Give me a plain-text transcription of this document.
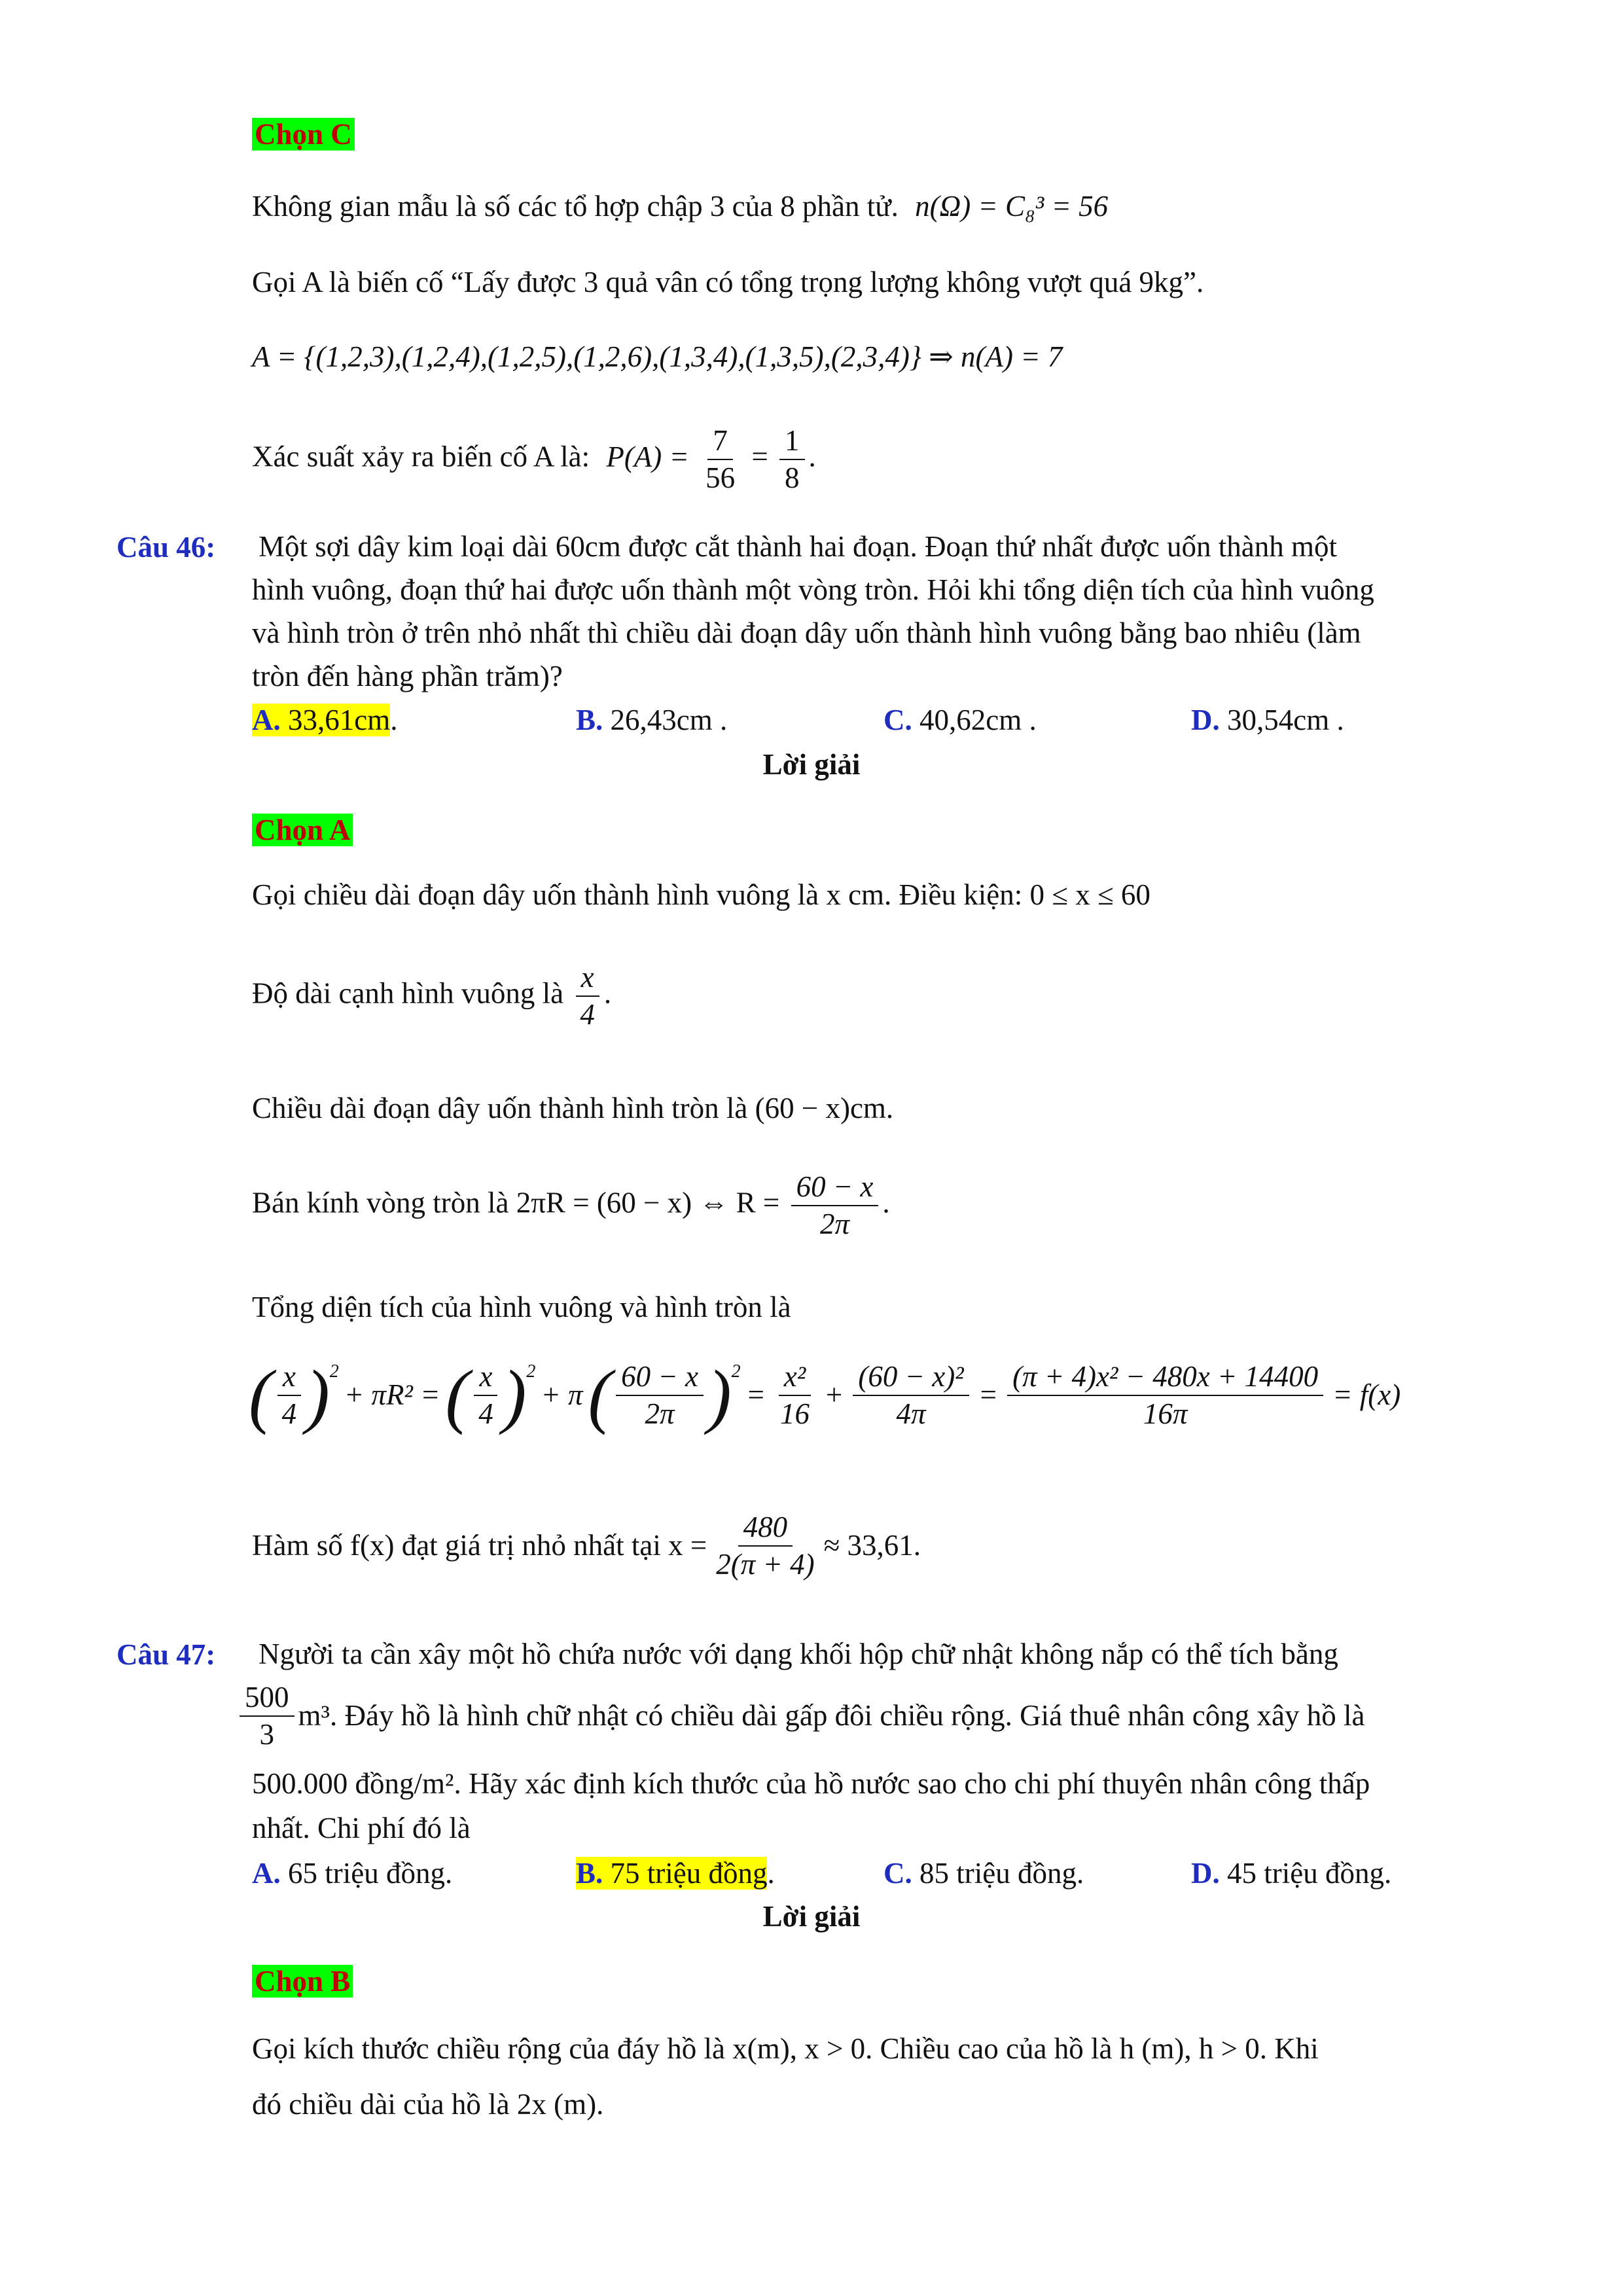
Chọn C
Không gian mẫu là số các tổ hợp chập 3 của 8 phần tử. n(Ω) = C₈³ = 56
Gọi A là biến cố “Lấy được 3 quả vân có tổng trọng lượng không vượt quá 9kg”.
A = {(1,2,3),(1,2,4),(1,2,5),(1,2,6),(1,3,4),(1,3,5),(2,3,4)} ⇒ n(A) = 7
Xác suất xảy ra biến cố A là: $P(A) = \frac{7}{56} = \frac{1}{8}$ .
Câu 46: Một sợi dây kim loại dài 60cm được cắt thành hai đoạn. Đoạn thứ nhất được uốn thành một
hình vuông, đoạn thứ hai được uốn thành một vòng tròn. Hỏi khi tổng diện tích của hình vuông
và hình tròn ở trên nhỏ nhất thì chiều dài đoạn dây uốn thành hình vuông bằng bao nhiêu (làm
tròn đến hàng phần trăm)?
A. 33,61cm.	B. 26,43cm .	C. 40,62cm .	D. 30,54cm .
Lời giải
Chọn A
Gọi chiều dài đoạn dây uốn thành hình vuông là x cm. Điều kiện: 0 ≤ x ≤ 60
Độ dài cạnh hình vuông là $\frac{x}{4}$ .
Chiều dài đoạn dây uốn thành hình tròn là (60 − x)cm.
Bán kính vòng tròn là 2πR = (60 − x) ⇔ $R = \frac{60 - x}{2\pi}$ .
Tổng diện tích của hình vuông và hình tròn là
( $\frac{x}{4} )^2$
+ πR² = ( $\frac{x}{4} )^2$
+ π ( $\frac{60 - x}{2\pi} )^2$
= $\frac{\text{x²}}{16} + \frac{\text{(60 − x)²}}{4\pi} = \frac{\text{(π + 4)x² − 480x + 14400}}{16\pi} = f(x)$
Hàm số f(x) đạt giá trị nhỏ nhất tại $x = \frac{480}{2(\pi + 4)} \approx 33,61$.
Câu 47: Người ta cần xây một hồ chứa nước với dạng khối hộp chữ nhật không nắp có thể tích bằng
$\frac{500}{3} m^3$. Đáy hồ là hình chữ nhật có chiều dài gấp đôi chiều rộng. Giá thuê nhân công xây hồ là
500.000 đồng/m². Hãy xác định kích thước của hồ nước sao cho chi phí thuyên nhân công thấp
nhất. Chi phí đó là
A. 65 triệu đồng.	B. 75 triệu đồng.	C. 85 triệu đồng.	D. 45 triệu đồng.
Lời giải
Chọn B
Gọi kích thước chiều rộng của đáy hồ là x(m), x > 0. Chiều cao của hồ là h (m), h > 0. Khi
đó chiều dài của hồ là 2x (m).
